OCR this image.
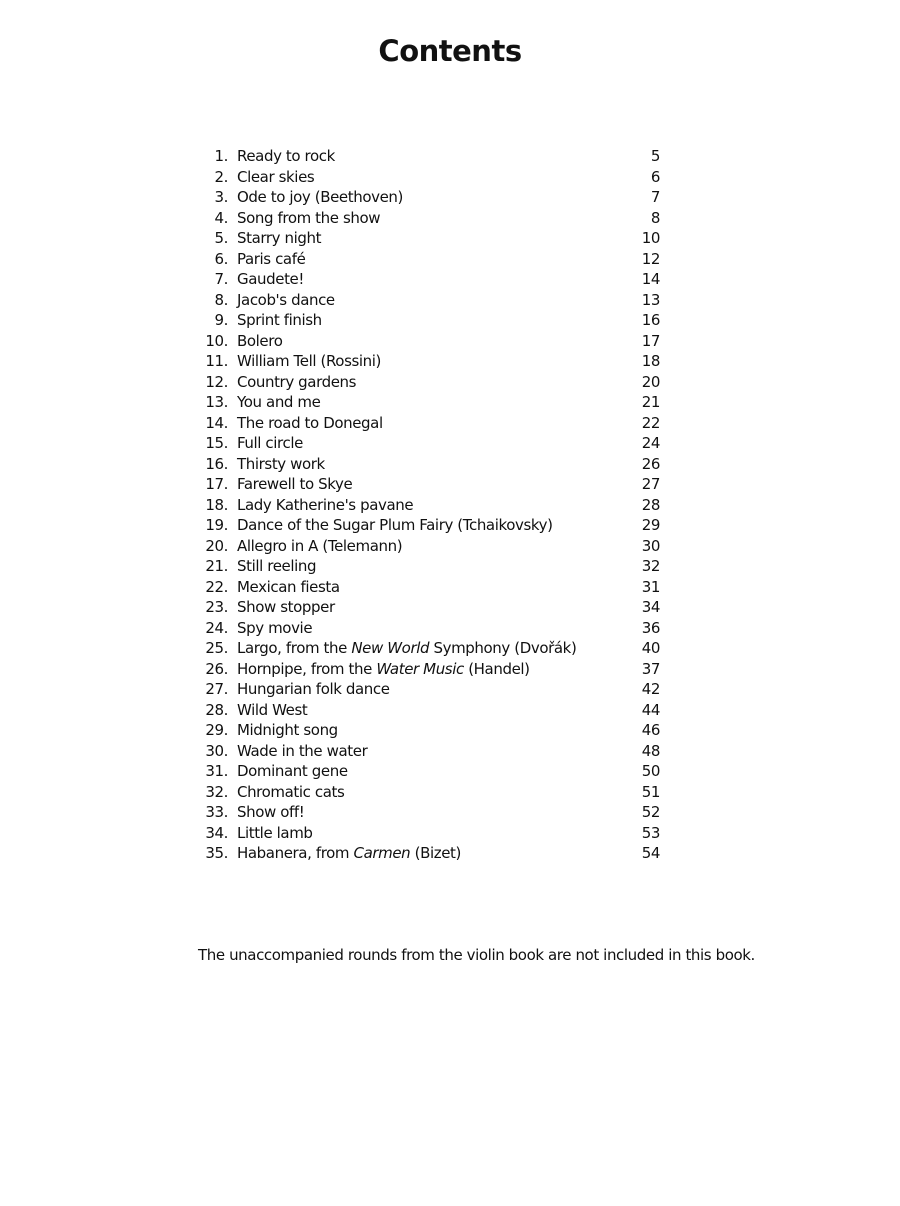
Contents
1. Ready to rock	5
2. Clear skies	6
3. Ode to joy (Beethoven)	7
4. Song from the show	8
5. Starry night	10
6. Paris café	12
7. Gaudete!	14
8. Jacob's dance	13
9. Sprint finish	16
10. Bolero	17
11. William Tell (Rossini)	18
12. Country gardens	20
13. You and me	21
14. The road to Donegal	22
15. Full circle	24
16. Thirsty work	26
17. Farewell to Skye	27
18. Lady Katherine's pavane	28
19. Dance of the Sugar Plum Fairy (Tchaikovsky)	29
20. Allegro in A (Telemann)	30
21. Still reeling	32
22. Mexican fiesta	31
23. Show stopper	34
24. Spy movie	36
25. Largo, from the New World Symphony (Dvořák)	40
26. Hornpipe, from the Water Music (Handel)	37
27. Hungarian folk dance	42
28. Wild West	44
29. Midnight song	46
30. Wade in the water	48
31. Dominant gene	50
32. Chromatic cats	51
33. Show off!	52
34. Little lamb	53
35. Habanera, from Carmen (Bizet)	54

The unaccompanied rounds from the violin book are not included in this book.
